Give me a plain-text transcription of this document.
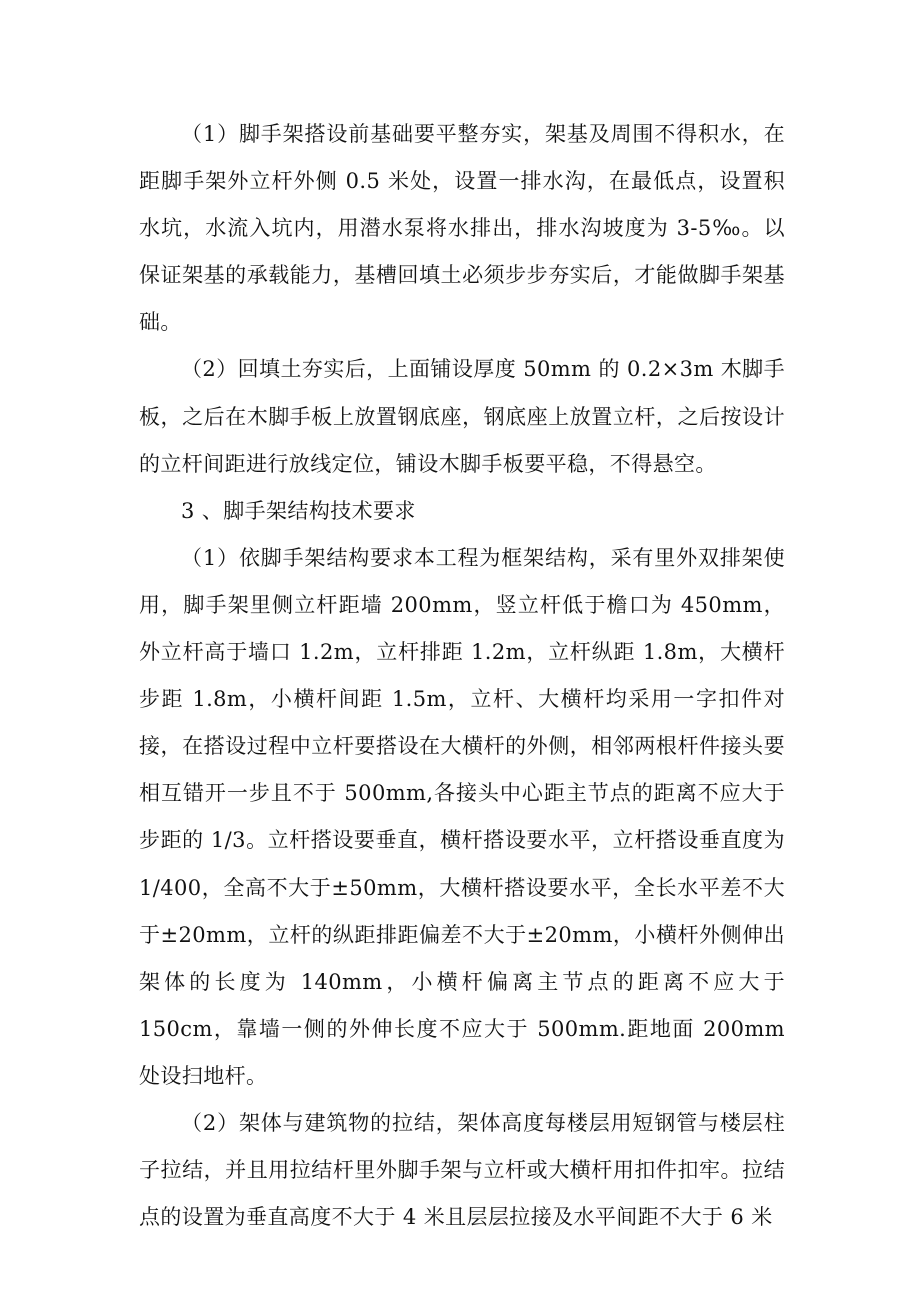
（1）脚手架搭设前基础要平整夯实，架基及周围不得积水，在距脚手架外立杆外侧 0.5 米处，设置一排水沟，在最低点，设置积水坑，水流入坑内，用潜水泵将水排出，排水沟坡度为 3-5‰。以保证架基的承载能力，基槽回填土必须步步夯实后，才能做脚手架基础。

（2）回填土夯实后，上面铺设厚度 50mm 的 0.2×3m 木脚手板，之后在木脚手板上放置钢底座，钢底座上放置立杆，之后按设计的立杆间距进行放线定位，铺设木脚手板要平稳，不得悬空。

3 、脚手架结构技术要求

（1）依脚手架结构要求本工程为框架结构，采有里外双排架使用，脚手架里侧立杆距墙 200mm，竖立杆低于檐口为 450mm，外立杆高于墙口 1.2m，立杆排距 1.2m，立杆纵距 1.8m，大横杆步距 1.8m，小横杆间距 1.5m，立杆、大横杆均采用一字扣件对接，在搭设过程中立杆要搭设在大横杆的外侧，相邻两根杆件接头要相互错开一步且不于 500mm,各接头中心距主节点的距离不应大于步距的 1/3。立杆搭设要垂直，横杆搭设要水平，立杆搭设垂直度为 1/400，全高不大于±50mm，大横杆搭设要水平，全长水平差不大于±20mm，立杆的纵距排距偏差不大于±20mm，小横杆外侧伸出架体的长度为 140mm，小横杆偏离主节点的距离不应大于 150cm，靠墙一侧的外伸长度不应大于 500mm.距地面 200mm 处设扫地杆。

（2）架体与建筑物的拉结，架体高度每楼层用短钢管与楼层柱子拉结，并且用拉结杆里外脚手架与立杆或大横杆用扣件扣牢。拉结点的设置为垂直高度不大于 4 米且层层拉接及水平间距不大于 6 米
